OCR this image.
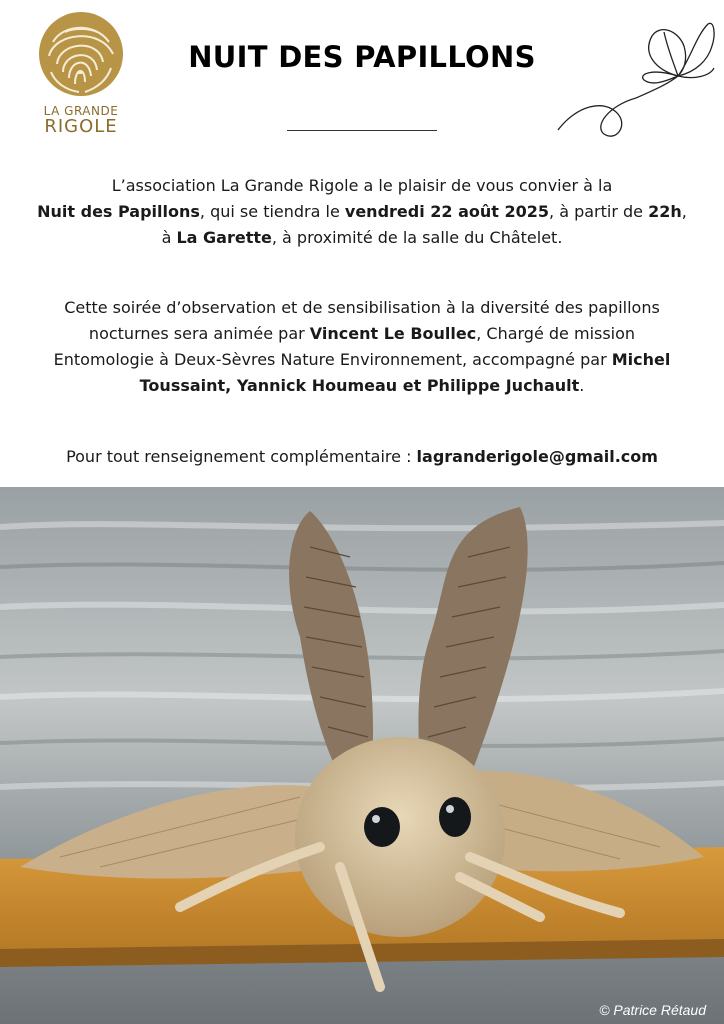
LA GRANDE
RIGOLE
NUIT DES PAPILLONS
L’association La Grande Rigole a le plaisir de vous convier à la
Nuit des Papillons, qui se tiendra le vendredi 22 août 2025, à partir de 22h,
à La Garette, à proximité de la salle du Châtelet.
Cette soirée d’observation et de sensibilisation à la diversité des papillons
nocturnes sera animée par Vincent Le Boullec, Chargé de mission
Entomologie à Deux-Sèvres Nature Environnement, accompagné par Michel
Toussaint, Yannick Houmeau et Philippe Juchault.
Pour tout renseignement complémentaire : lagranderigole@gmail.com
© Patrice Rétaud
